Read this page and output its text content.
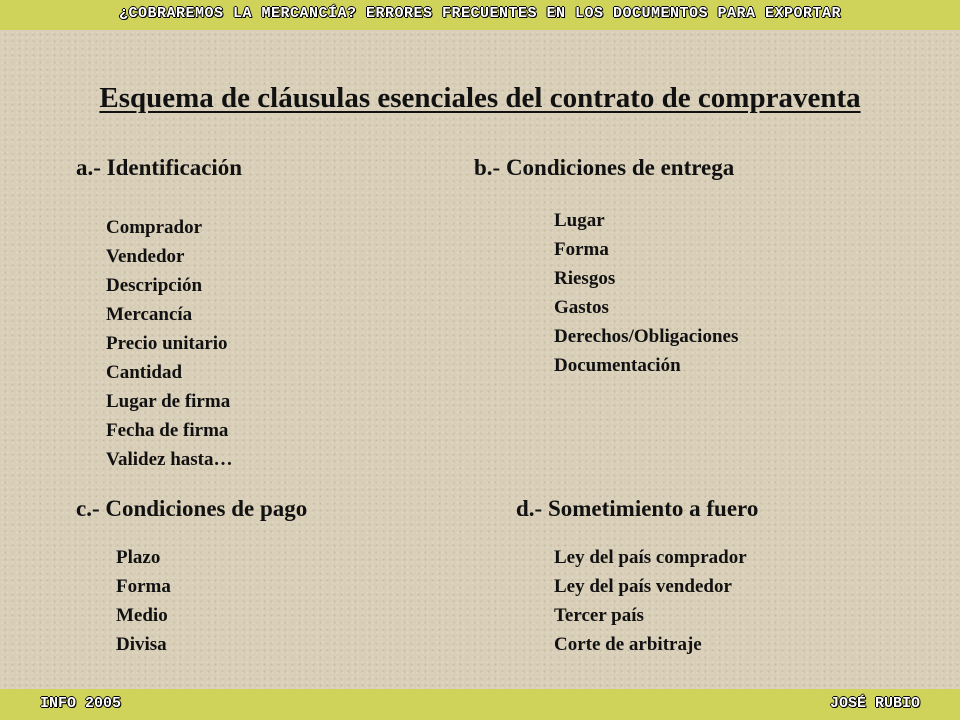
¿COBRAREMOS LA MERCANCÍA? ERRORES FRECUENTES EN LOS DOCUMENTOS PARA EXPORTAR
Esquema de cláusulas esenciales del contrato de compraventa
a.- Identificación
Comprador
Vendedor
Descripción
Mercancía
Precio unitario
Cantidad
Lugar de firma
Fecha de firma
Validez hasta…
b.- Condiciones de entrega
Lugar
Forma
Riesgos
Gastos
Derechos/Obligaciones
Documentación
c.- Condiciones de pago
Plazo
Forma
Medio
Divisa
d.- Sometimiento a fuero
Ley del país comprador
Ley del país vendedor
Tercer país
Corte de arbitraje
INFO 2005	JOSÉ RUBIO
